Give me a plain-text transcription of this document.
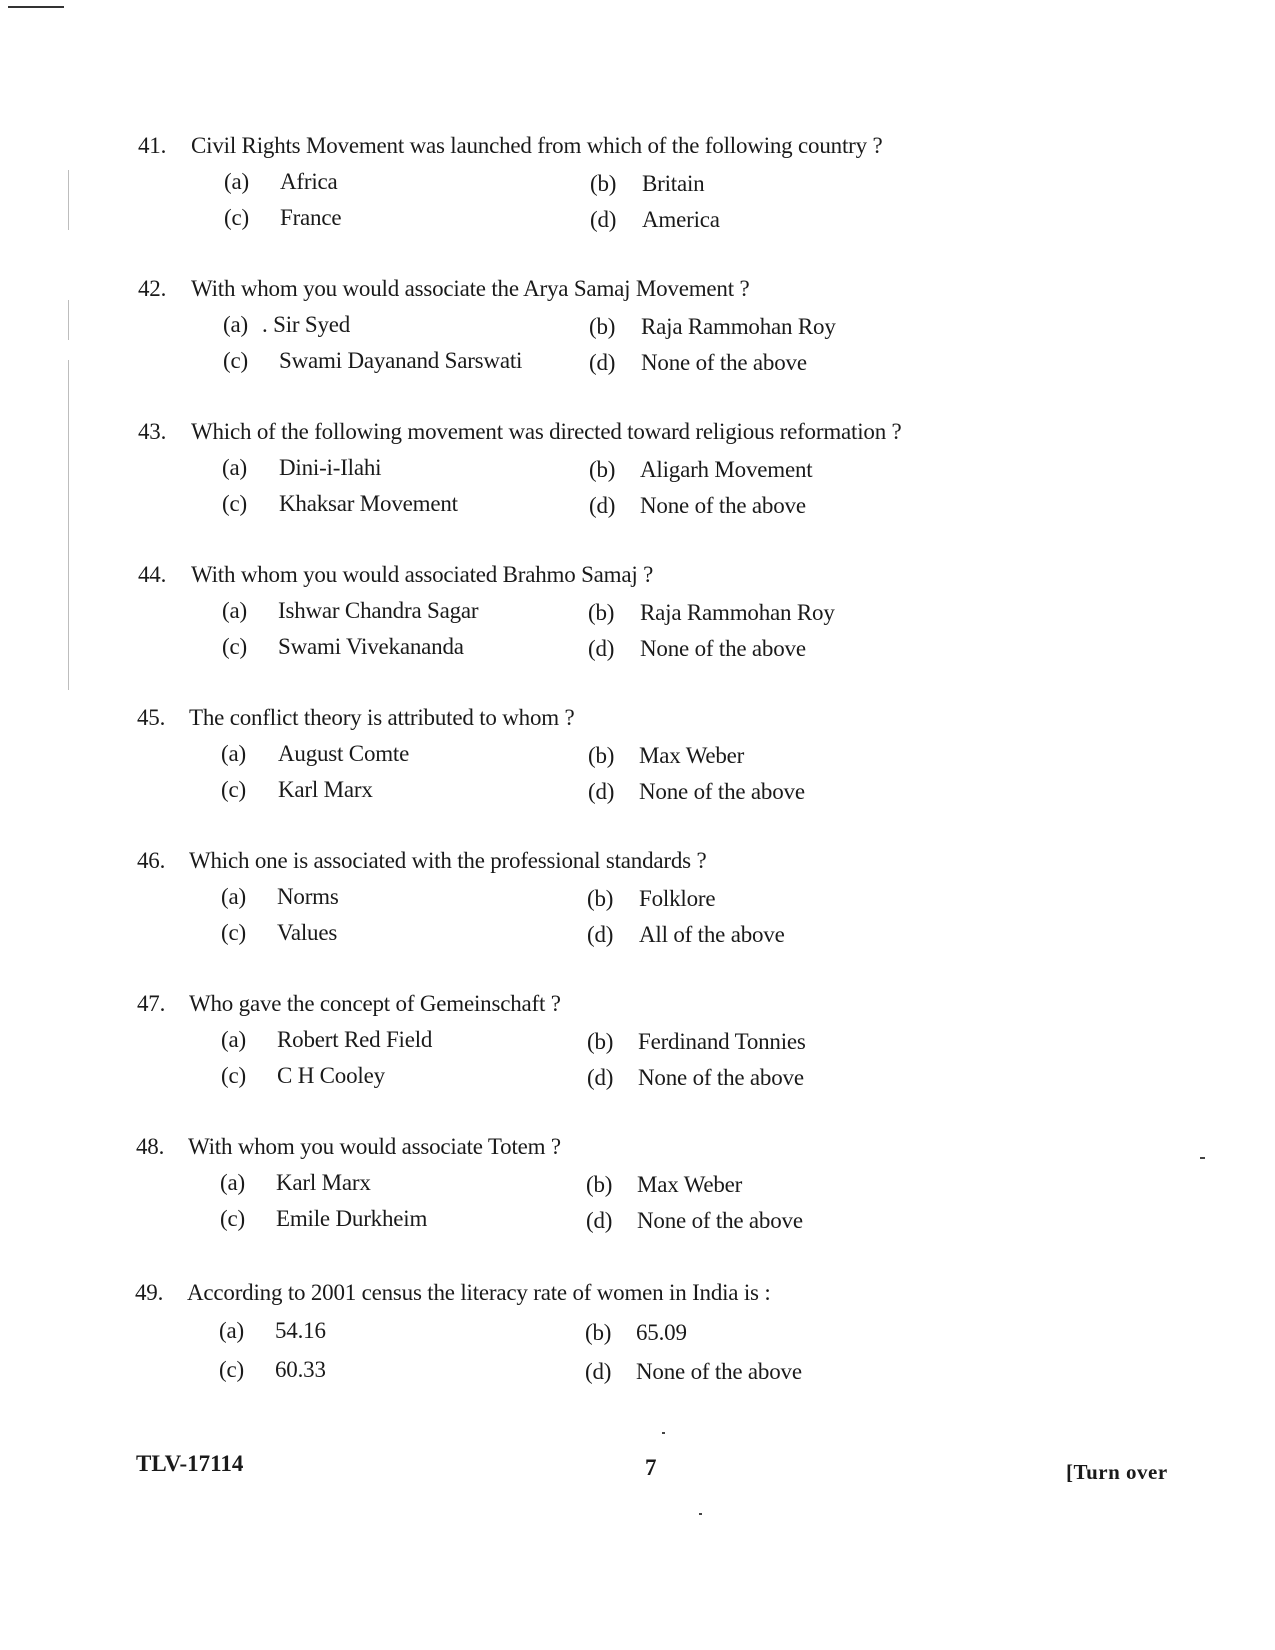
41. Civil Rights Movement was launched from which of the following country ?
(a) Africa	(b) Britain
(c) France	(d) America
42. With whom you would associate the Arya Samaj Movement ?
(a) . Sir Syed	(b) Raja Rammohan Roy
(c) Swami Dayanand Sarswati	(d) None of the above
43. Which of the following movement was directed toward religious reformation ?
(a) Dini-i-Ilahi	(b) Aligarh Movement
(c) Khaksar Movement	(d) None of the above
44. With whom you would associated Brahmo Samaj ?
(a) Ishwar Chandra Sagar	(b) Raja Rammohan Roy
(c) Swami Vivekananda	(d) None of the above
45. The conflict theory is attributed to whom ?
(a) August Comte	(b) Max Weber
(c) Karl Marx	(d) None of the above
46. Which one is associated with the professional standards ?
(a) Norms	(b) Folklore
(c) Values	(d) All of the above
47. Who gave the concept of Gemeinschaft ?
(a) Robert Red Field	(b) Ferdinand Tonnies
(c) C H Cooley	(d) None of the above
48. With whom you would associate Totem ?
(a) Karl Marx	(b) Max Weber
(c) Emile Durkheim	(d) None of the above
49. According to 2001 census the literacy rate of women in India is :
(a) 54.16	(b) 65.09
(c) 60.33	(d) None of the above
TLV-17114	7	[Turn over
